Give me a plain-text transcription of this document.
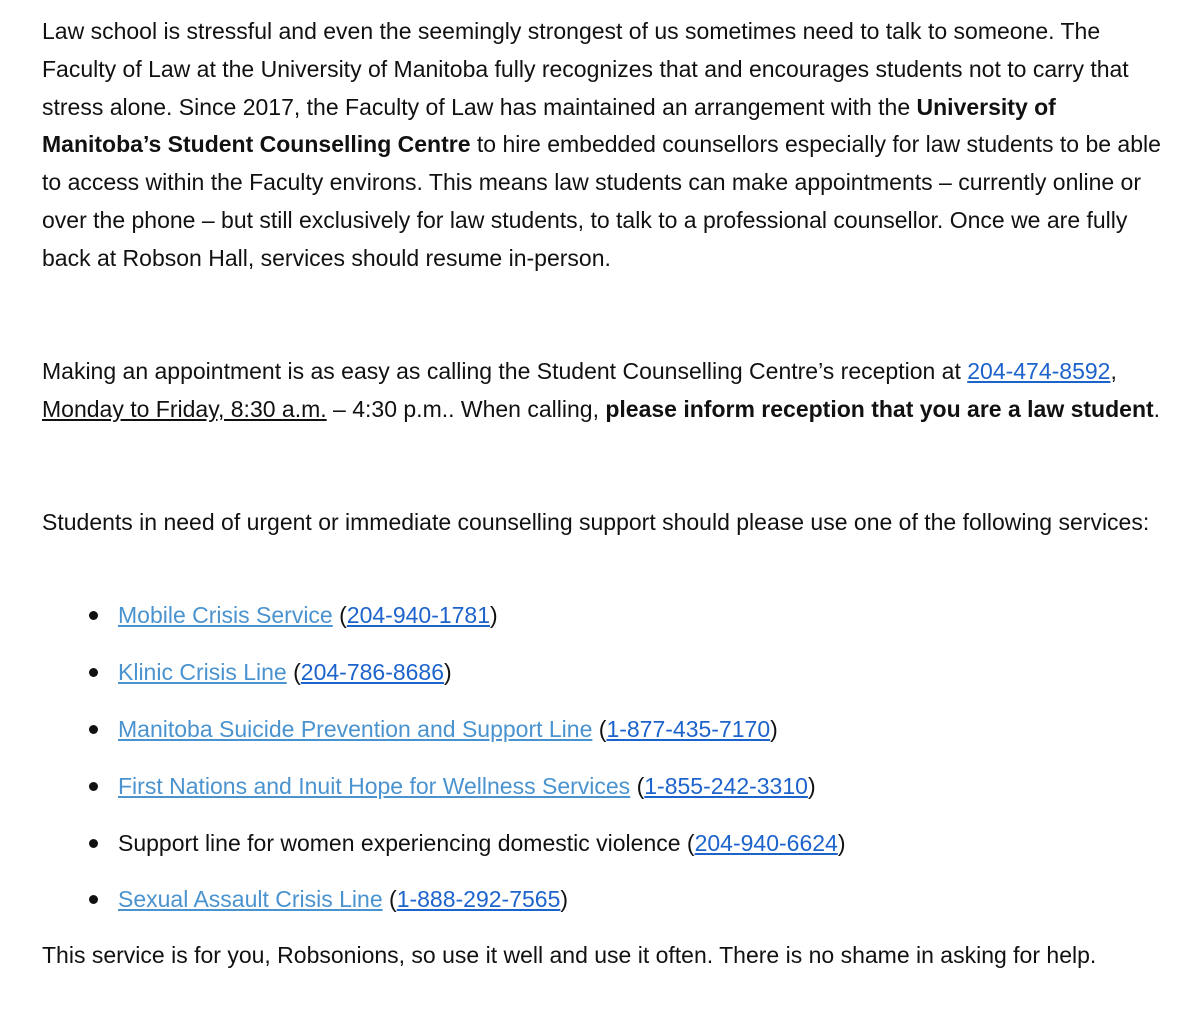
Law school is stressful and even the seemingly strongest of us sometimes need to talk to someone. The Faculty of Law at the University of Manitoba fully recognizes that and encourages students not to carry that stress alone. Since 2017, the Faculty of Law has maintained an arrangement with the University of Manitoba’s Student Counselling Centre to hire embedded counsellors especially for law students to be able to access within the Faculty environs. This means law students can make appointments – currently online or over the phone – but still exclusively for law students, to talk to a professional counsellor. Once we are fully back at Robson Hall, services should resume in-person.

Making an appointment is as easy as calling the Student Counselling Centre’s reception at 204-474-8592, Monday to Friday, 8:30 a.m. – 4:30 p.m.. When calling, please inform reception that you are a law student.

Students in need of urgent or immediate counselling support should please use one of the following services:

Mobile Crisis Service (204-940-1781)
Klinic Crisis Line (204-786-8686)
Manitoba Suicide Prevention and Support Line (1-877-435-7170)
First Nations and Inuit Hope for Wellness Services (1-855-242-3310)
Support line for women experiencing domestic violence (204-940-6624)
Sexual Assault Crisis Line (1-888-292-7565)

This service is for you, Robsonions, so use it well and use it often. There is no shame in asking for help.
